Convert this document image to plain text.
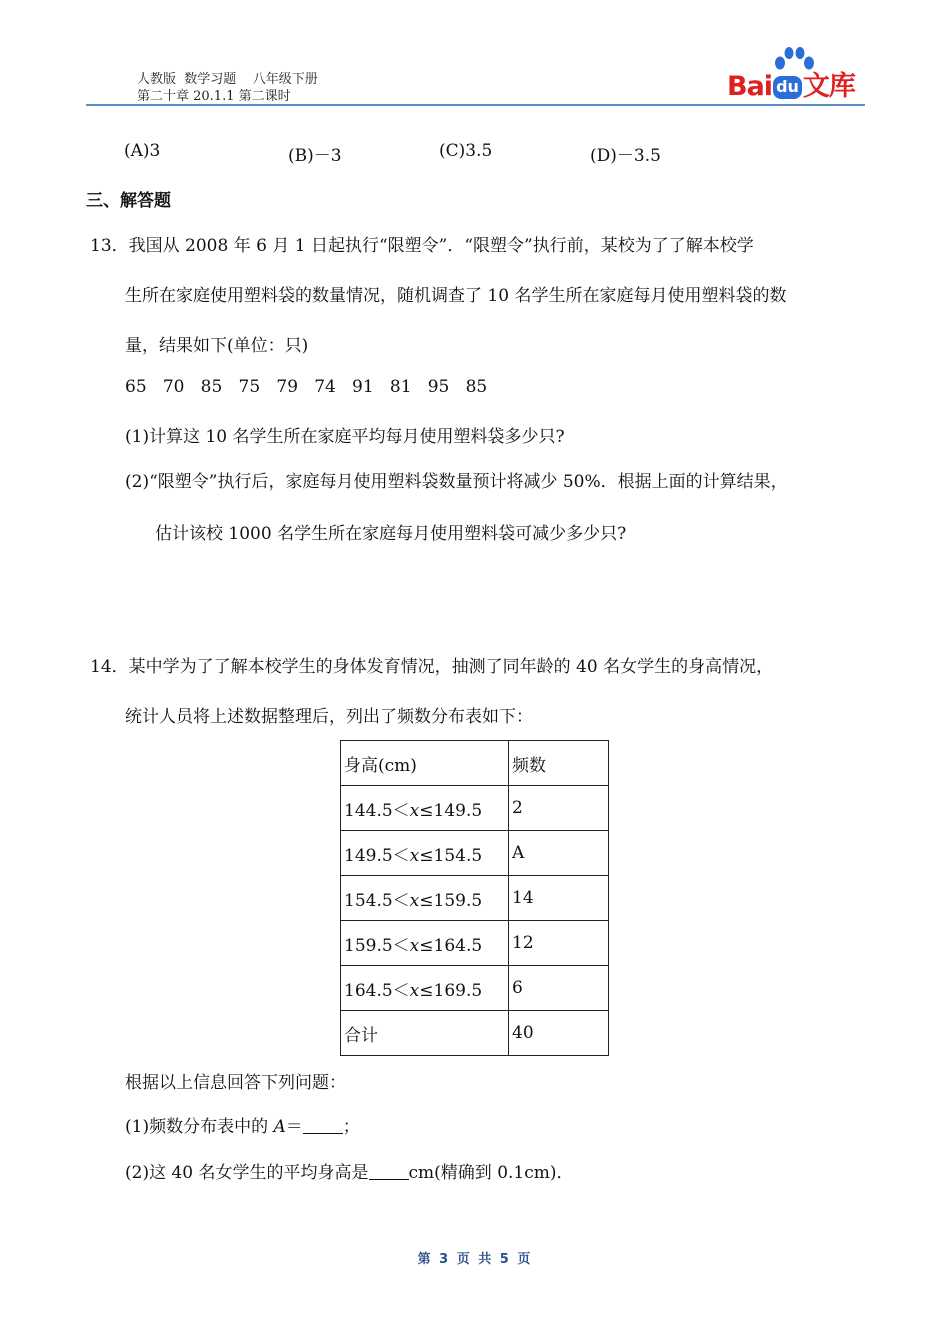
人教版  数学习题    八年级下册
第二十章 20.1.1 第二课时	Bai du 文库
(A)3	(B)－3	(C)3.5	(D)－3.5
三、解答题
13．我国从 2008 年 6 月 1 日起执行“限塑令”．“限塑令”执行前，某校为了了解本校学
生所在家庭使用塑料袋的数量情况，随机调查了 10 名学生所在家庭每月使用塑料袋的数
量，结果如下(单位：只)
65   70   85   75   79   74   91   81   95   85
(1)计算这 10 名学生所在家庭平均每月使用塑料袋多少只?
(2)“限塑令”执行后，家庭每月使用塑料袋数量预计将减少 50%．根据上面的计算结果，
估计该校 1000 名学生所在家庭每月使用塑料袋可减少多少只?
14．某中学为了了解本校学生的身体发育情况，抽测了同年龄的 40 名女学生的身高情况，
统计人员将上述数据整理后，列出了频数分布表如下：
身高(cm)	频数
144.5＜x≤149.5	2
149.5＜x≤154.5	A
154.5＜x≤159.5	14
159.5＜x≤164.5	12
164.5＜x≤169.5	6
合计	40
根据以上信息回答下列问题：
(1)频数分布表中的 A＝ ；
(2)这 40 名女学生的平均身高是 cm(精确到 0.1cm)．
第 3 页 共 5 页
